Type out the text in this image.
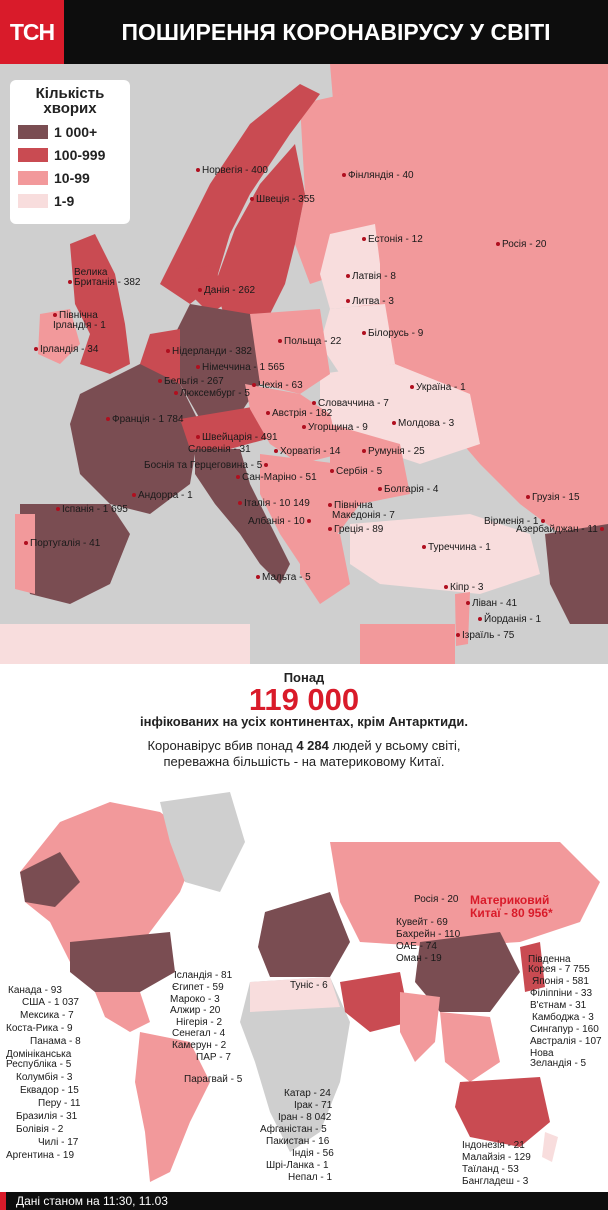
ТСН	ПОШИРЕННЯ КОРОНАВІРУСУ У СВІТІ
Кількість
хворих
1 000+
100-999
10-99
1-9
Норвегія - 400	Фінляндія - 40
Швеція - 355
Естонія - 12	Росія - 20
Велика
Британія - 382
Данія - 262
Латвія - 8
Литва - 3
Північна
Ірландія - 1
Ірландія - 34
Білорусь - 9
Польща - 22
Нідерланди - 382
Німеччина - 1 565
Бельгія - 267	Чехія - 63
Люксембург - 5
Україна - 1
Словаччина - 7
Франція - 1 784
Австрія - 182
Угорщина - 9	Молдова - 3
Швейцарія - 491
Словенія - 31	Хорватія - 14	Румунія - 25
Боснія та Герцеговина - 5
Сербія - 5
Сан-Маріно - 51
Андорра - 1
Болгарія - 4
Грузія - 15
Іспанія - 1 695
Італія - 10 149	Північна
Македонія - 7
Вірменія - 1
Азербайджан - 11
Албанія - 10
Греція - 89
Португалія - 41	Туреччина - 1
Мальта - 5
Кіпр - 3
Ліван - 41
Йорданія - 1
Ізраїль - 75
Понад
119 000
інфікованих на усіх континентах, крім Антарктиди.
Коронавірус вбив понад 4 284 людей у всьому світі,
переважна більшість - на материковому Китаї.
Материковий
Китаї - 80 956*
Канада - 93
США - 1 037
Мексика - 7
Коста-Рика - 9
Панама - 8
Домініканська
Республіка - 5
Колумбія - 3
Еквадор - 15
Перу - 11
Бразилія - 31
Болівія - 2
Чилі - 17
Аргентина - 19
Ісландія - 81
Єгипет - 59	Туніс - 6
Мароко - 3
Алжир - 20
Нігерія - 2
Сенегал - 4
Камерун - 2
ПАР - 7
Парагвай - 5
Кувейт - 69
Бахрейн - 110
ОАЕ - 74
Оман - 19
Росія - 20
Південна
Корея - 7 755
Японія - 581
Філіппіни - 33
В'єтнам - 31
Камбоджа - 3
Сингапур - 160
Австралія - 107
Нова
Зеландія - 5
Катар - 24
Ірак - 71
Іран - 8 042
Афганістан - 5
Пакистан - 16
Індія - 56
Шрі-Ланка - 1
Непал - 1
Індонезія - 21
Малайзія - 129
Таїланд - 53
Бангладеш - 3
Дані станом на 11:30, 11.03
